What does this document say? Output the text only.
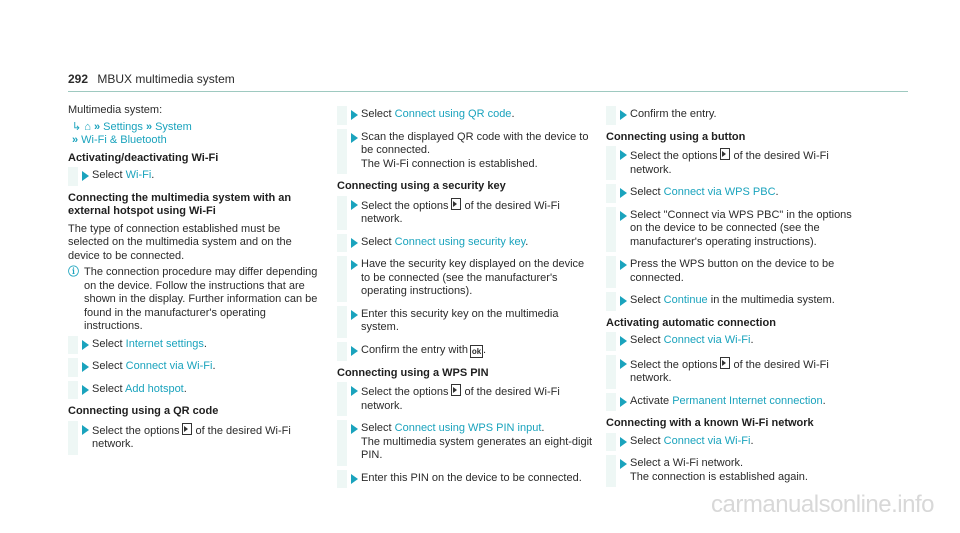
292 MBUX multimedia system
Multimedia system:
↳ ⌂ » Settings » System
» Wi-Fi & Bluetooth
Activating/deactivating Wi-Fi
Select Wi-Fi.
Connecting the multimedia system with an external hotspot using Wi-Fi
The type of connection established must be selected on the multimedia system and on the device to be connected.
ⓘ The connection procedure may differ depending on the device. Follow the instructions that are shown in the display. Further information can be found in the manufacturer's operating instructions.
Select Internet settings.
Select Connect via Wi-Fi.
Select Add hotspot.
Connecting using a QR code
Select the options of the desired Wi-Fi network.
Select Connect using QR code.
Scan the displayed QR code with the device to be connected.
The Wi-Fi connection is established.
Connecting using a security key
Select the options of the desired Wi-Fi network.
Select Connect using security key.
Have the security key displayed on the device to be connected (see the manufacturer's operating instructions).
Enter this security key on the multimedia system.
Confirm the entry with ok .
Connecting using a WPS PIN
Select the options of the desired Wi-Fi network.
Select Connect using WPS PIN input.
The multimedia system generates an eight-digit PIN.
Enter this PIN on the device to be connected.
Confirm the entry.
Connecting using a button
Select the options of the desired Wi-Fi network.
Select Connect via WPS PBC.
Select "Connect via WPS PBC" in the options on the device to be connected (see the manufacturer's operating instructions).
Press the WPS button on the device to be connected.
Select Continue in the multimedia system.
Activating automatic connection
Select Connect via Wi-Fi.
Select the options of the desired Wi-Fi network.
Activate Permanent Internet connection.
Connecting with a known Wi-Fi network
Select Connect via Wi-Fi.
Select a Wi-Fi network.
The connection is established again.
carmanualsonline.info
